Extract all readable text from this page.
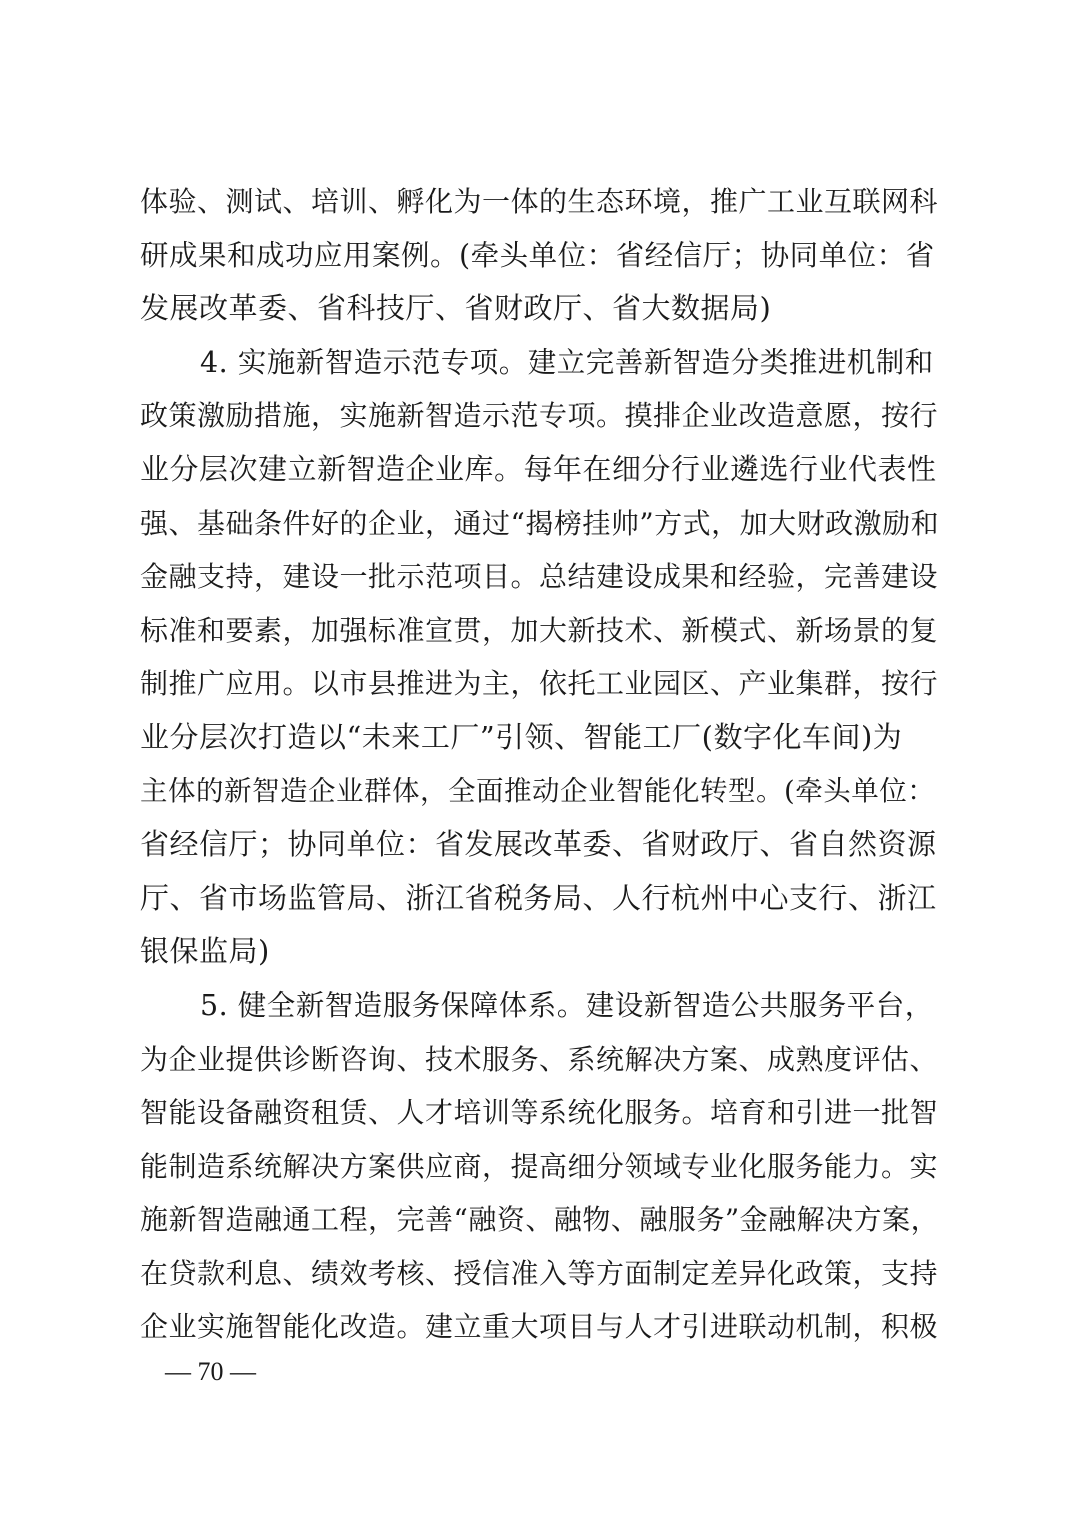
体验、测试、培训、孵化为一体的生态环境，推广工业互联网科
研成果和成功应用案例。(牵头单位：省经信厅；协同单位：省
发展改革委、省科技厅、省财政厅、省大数据局)
4. 实施新智造示范专项。建立完善新智造分类推进机制和
政策激励措施，实施新智造示范专项。摸排企业改造意愿，按行
业分层次建立新智造企业库。每年在细分行业遴选行业代表性
强、基础条件好的企业，通过“揭榜挂帅”方式，加大财政激励和
金融支持，建设一批示范项目。总结建设成果和经验，完善建设
标准和要素，加强标准宣贯，加大新技术、新模式、新场景的复
制推广应用。以市县推进为主，依托工业园区、产业集群，按行
业分层次打造以“未来工厂”引领、智能工厂(数字化车间)为
主体的新智造企业群体，全面推动企业智能化转型。(牵头单位：
省经信厅；协同单位：省发展改革委、省财政厅、省自然资源
厅、省市场监管局、浙江省税务局、人行杭州中心支行、浙江
银保监局)
5. 健全新智造服务保障体系。建设新智造公共服务平台，
为企业提供诊断咨询、技术服务、系统解决方案、成熟度评估、
智能设备融资租赁、人才培训等系统化服务。培育和引进一批智
能制造系统解决方案供应商，提高细分领域专业化服务能力。实
施新智造融通工程，完善“融资、融物、融服务”金融解决方案，
在贷款利息、绩效考核、授信准入等方面制定差异化政策，支持
企业实施智能化改造。建立重大项目与人才引进联动机制，积极
— 70 —
